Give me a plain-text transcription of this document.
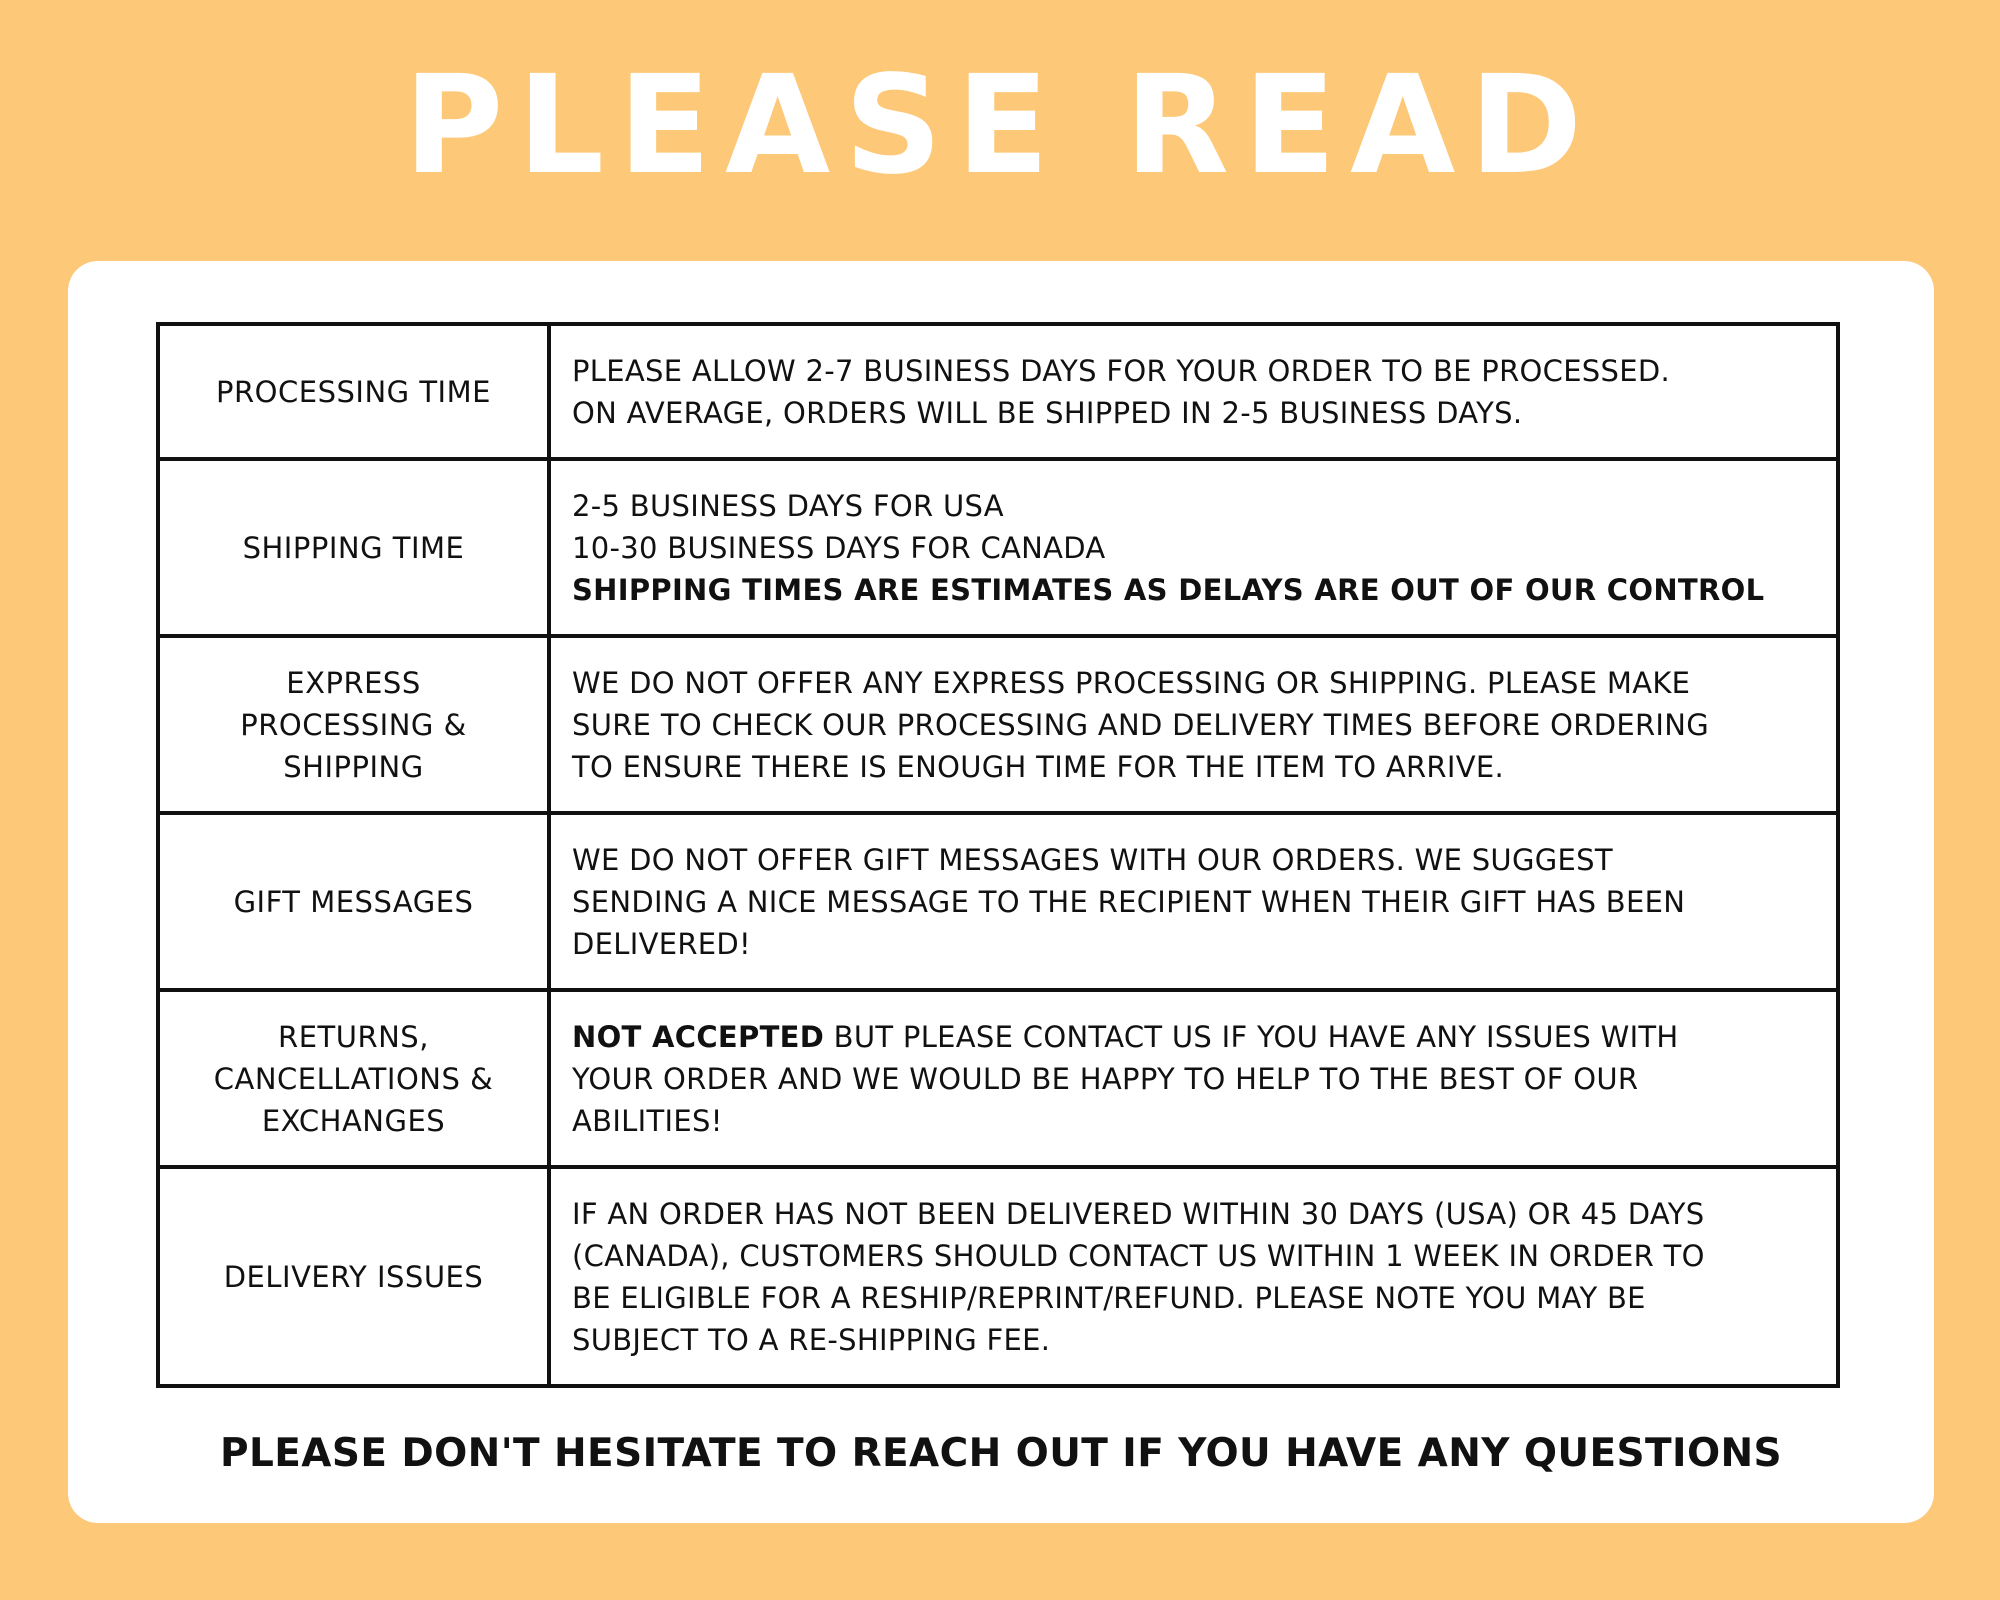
PLEASE READ
PROCESSING TIME	PLEASE ALLOW 2-7 BUSINESS DAYS FOR YOUR ORDER TO BE PROCESSED.
ON AVERAGE, ORDERS WILL BE SHIPPED IN 2-5 BUSINESS DAYS.

SHIPPING TIME	2-5 BUSINESS DAYS FOR USA
10-30 BUSINESS DAYS FOR CANADA
SHIPPING TIMES ARE ESTIMATES AS DELAYS ARE OUT OF OUR CONTROL

EXPRESS
PROCESSING &
SHIPPING	WE DO NOT OFFER ANY EXPRESS PROCESSING OR SHIPPING. PLEASE MAKE
SURE TO CHECK OUR PROCESSING AND DELIVERY TIMES BEFORE ORDERING
TO ENSURE THERE IS ENOUGH TIME FOR THE ITEM TO ARRIVE.

GIFT MESSAGES	WE DO NOT OFFER GIFT MESSAGES WITH OUR ORDERS. WE SUGGEST
SENDING A NICE MESSAGE TO THE RECIPIENT WHEN THEIR GIFT HAS BEEN
DELIVERED!

RETURNS,
CANCELLATIONS &
EXCHANGES	NOT ACCEPTED BUT PLEASE CONTACT US IF YOU HAVE ANY ISSUES WITH
YOUR ORDER AND WE WOULD BE HAPPY TO HELP TO THE BEST OF OUR
ABILITIES!

DELIVERY ISSUES	IF AN ORDER HAS NOT BEEN DELIVERED WITHIN 30 DAYS (USA) OR 45 DAYS
(CANADA), CUSTOMERS SHOULD CONTACT US WITHIN 1 WEEK IN ORDER TO
BE ELIGIBLE FOR A RESHIP/REPRINT/REFUND. PLEASE NOTE YOU MAY BE
SUBJECT TO A RE-SHIPPING FEE.
PLEASE DON'T HESITATE TO REACH OUT IF YOU HAVE ANY QUESTIONS
